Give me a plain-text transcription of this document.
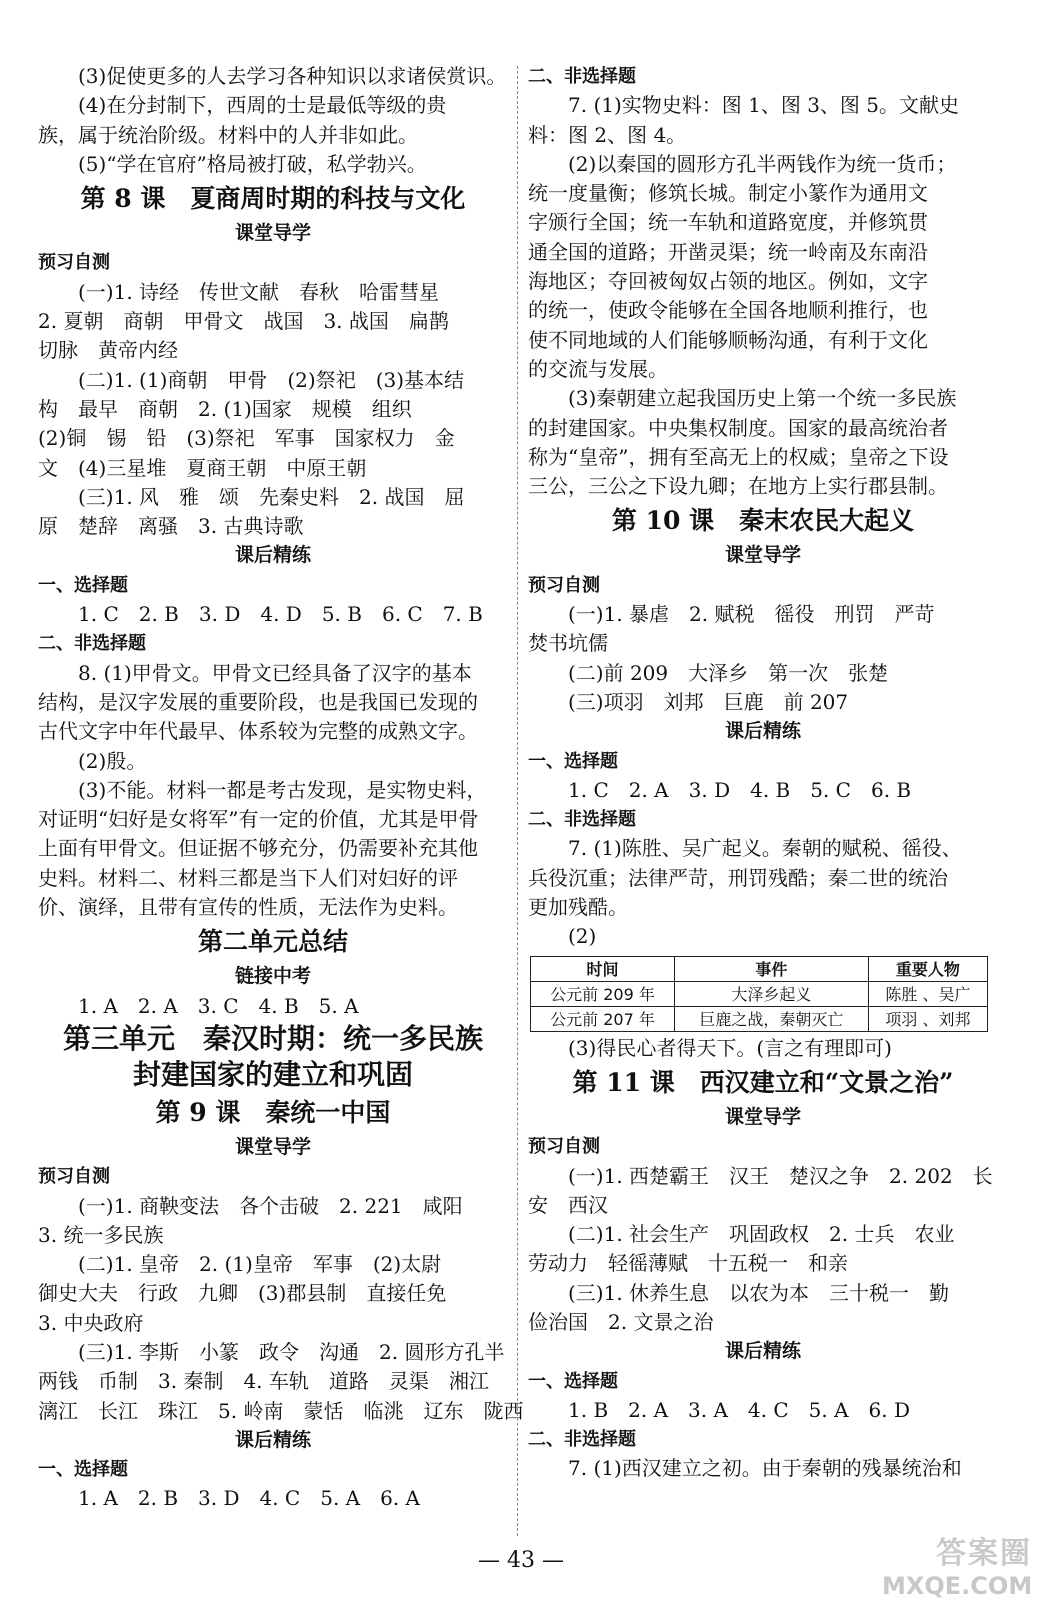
(3)促使更多的人去学习各种知识以求诸侯赏识。
(4)在分封制下，西周的士是最低等级的贵
族，属于统治阶级。材料中的人并非如此。
(5)“学在官府”格局被打破，私学勃兴。
第 8 课　夏商周时期的科技与文化
课堂导学
预习自测
(一)1. 诗经　传世文献　春秋　哈雷彗星
2. 夏朝　商朝　甲骨文　战国　3. 战国　扁鹊
切脉　黄帝内经
(二)1. (1)商朝　甲骨　(2)祭祀　(3)基本结
构　最早　商朝　2. (1)国家　规模　组织
(2)铜　锡　铅　(3)祭祀　军事　国家权力　金
文　(4)三星堆　夏商王朝　中原王朝
(三)1. 风　雅　颂　先秦史料　2. 战国　屈
原　楚辞　离骚　3. 古典诗歌
课后精练
一、选择题
1. C　2. B　3. D　4. D　5. B　6. C　7. B
二、非选择题
8. (1)甲骨文。甲骨文已经具备了汉字的基本
结构，是汉字发展的重要阶段，也是我国已发现的
古代文字中年代最早、体系较为完整的成熟文字。
(2)殷。
(3)不能。材料一都是考古发现，是实物史料，
对证明“妇好是女将军”有一定的价值，尤其是甲骨
上面有甲骨文。但证据不够充分，仍需要补充其他
史料。材料二、材料三都是当下人们对妇好的评
价、演绎，且带有宣传的性质，无法作为史料。
第二单元总结
链接中考
1. A　2. A　3. C　4. B　5. A
第三单元　秦汉时期：统一多民族
封建国家的建立和巩固
第 9 课　秦统一中国
课堂导学
预习自测
(一)1. 商鞅变法　各个击破　2. 221　咸阳
3. 统一多民族
(二)1. 皇帝　2. (1)皇帝　军事　(2)太尉
御史大夫　行政　九卿　(3)郡县制　直接任免
3. 中央政府
(三)1. 李斯　小篆　政令　沟通　2. 圆形方孔半
两钱　币制　3. 秦制　4. 车轨　道路　灵渠　湘江
漓江　长江　珠江　5. 岭南　蒙恬　临洮　辽东　陇西
课后精练
一、选择题
1. A　2. B　3. D　4. C　5. A　6. A
二、非选择题
7. (1)实物史料：图 1、图 3、图 5。文献史
料：图 2、图 4。
(2)以秦国的圆形方孔半两钱作为统一货币；
统一度量衡；修筑长城。制定小篆作为通用文
字颁行全国；统一车轨和道路宽度，并修筑贯
通全国的道路；开凿灵渠；统一岭南及东南沿
海地区；夺回被匈奴占领的地区。例如，文字
的统一，使政令能够在全国各地顺利推行，也
使不同地域的人们能够顺畅沟通，有利于文化
的交流与发展。
(3)秦朝建立起我国历史上第一个统一多民族
的封建国家。中央集权制度。国家的最高统治者
称为“皇帝”，拥有至高无上的权威；皇帝之下设
三公，三公之下设九卿；在地方上实行郡县制。
第 10 课　秦末农民大起义
课堂导学
预习自测
(一)1. 暴虐　2. 赋税　徭役　刑罚　严苛
焚书坑儒
(二)前 209　大泽乡　第一次　张楚
(三)项羽　刘邦　巨鹿　前 207
课后精练
一、选择题
1. C　2. A　3. D　4. B　5. C　6. B
二、非选择题
7. (1)陈胜、吴广起义。秦朝的赋税、徭役、
兵役沉重；法律严苛，刑罚残酷；秦二世的统治
更加残酷。
(2)
时间	事件	重要人物
公元前 209 年	大泽乡起义	陈胜 、吴广
公元前 207 年	巨鹿之战，秦朝灭亡	项羽 、刘邦
(3)得民心者得天下。(言之有理即可)
第 11 课　西汉建立和“文景之治”
课堂导学
预习自测
(一)1. 西楚霸王　汉王　楚汉之争　2. 202　长
安　西汉
(二)1. 社会生产　巩固政权　2. 士兵　农业
劳动力　轻徭薄赋　十五税一　和亲
(三)1. 休养生息　以农为本　三十税一　勤
俭治国　2. 文景之治
课后精练
一、选择题
1. B　2. A　3. A　4. C　5. A　6. D
二、非选择题
7. (1)西汉建立之初。由于秦朝的残暴统治和
— 43 —	答案圈
MXQE.COM
